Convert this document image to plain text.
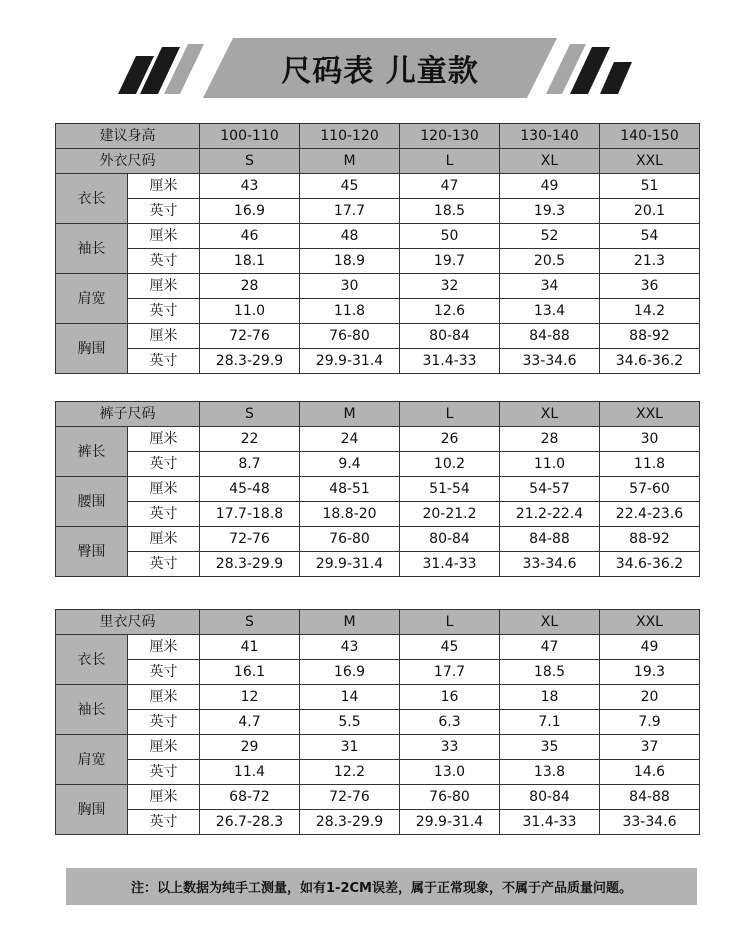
尺码表 儿童款
建议身高		100-110	110-120	120-130	130-140	140-150
外衣尺码		S	M	L	XL	XXL
衣长	厘米	43	45	47	49	51
	英寸	16.9	17.7	18.5	19.3	20.1
袖长	厘米	46	48	50	52	54
	英寸	18.1	18.9	19.7	20.5	21.3
肩宽	厘米	28	30	32	34	36
	英寸	11.0	11.8	12.6	13.4	14.2
胸围	厘米	72-76	76-80	80-84	84-88	88-92
	英寸	28.3-29.9	29.9-31.4	31.4-33	33-34.6	34.6-36.2
裤子尺码		S	M	L	XL	XXL
裤长	厘米	22	24	26	28	30
	英寸	8.7	9.4	10.2	11.0	11.8
腰围	厘米	45-48	48-51	51-54	54-57	57-60
	英寸	17.7-18.8	18.8-20	20-21.2	21.2-22.4	22.4-23.6
臀围	厘米	72-76	76-80	80-84	84-88	88-92
	英寸	28.3-29.9	29.9-31.4	31.4-33	33-34.6	34.6-36.2
里衣尺码		S	M	L	XL	XXL
衣长	厘米	41	43	45	47	49
	英寸	16.1	16.9	17.7	18.5	19.3
袖长	厘米	12	14	16	18	20
	英寸	4.7	5.5	6.3	7.1	7.9
肩宽	厘米	29	31	33	35	37
	英寸	11.4	12.2	13.0	13.8	14.6
胸围	厘米	68-72	72-76	76-80	80-84	84-88
	英寸	26.7-28.3	28.3-29.9	29.9-31.4	31.4-33	33-34.6
注：以上数据为纯手工测量，如有1-2CM误差，属于正常现象，不属于产品质量问题。
